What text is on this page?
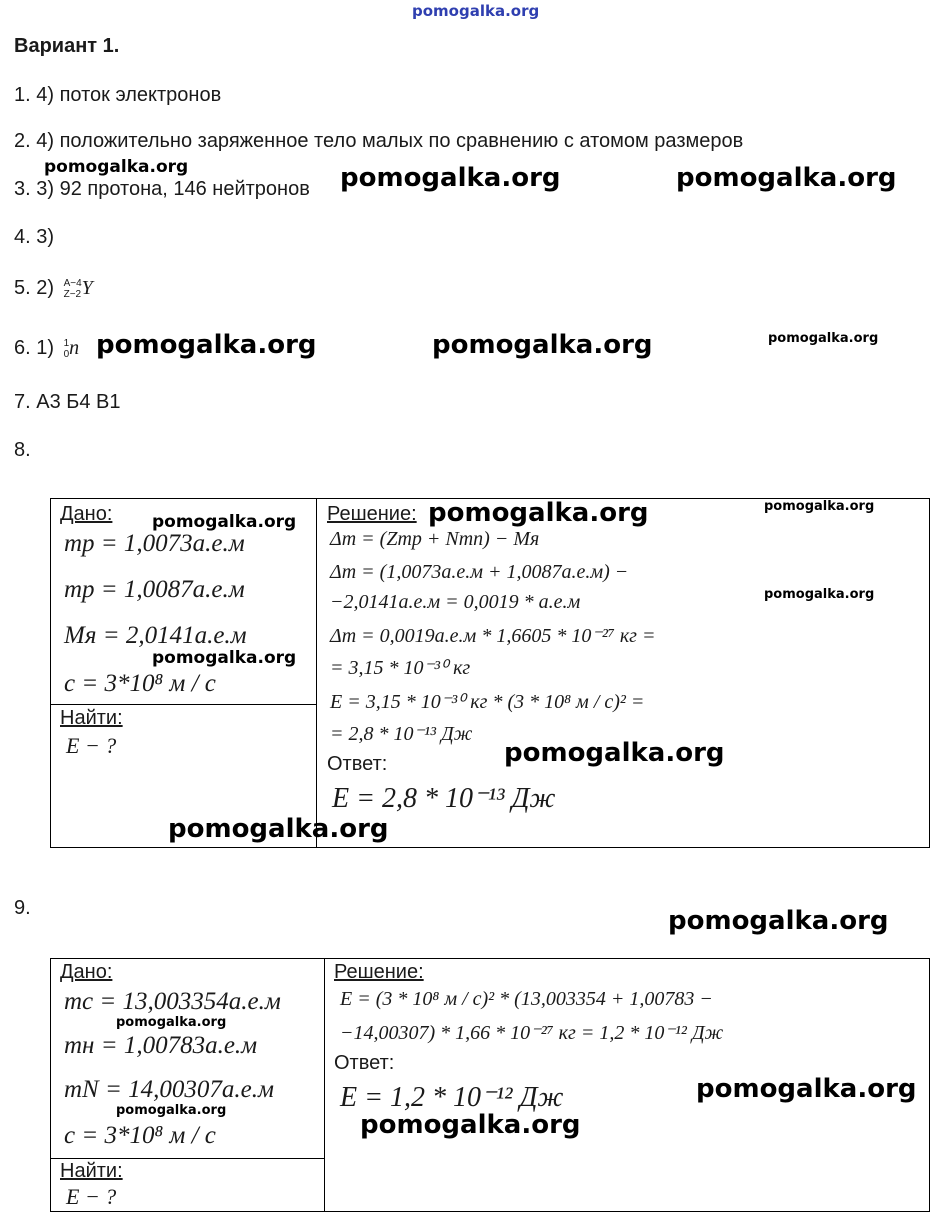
pomogalka.org
Вариант 1.
1. 4) поток электронов
2. 4) положительно заряженное тело малых по сравнению с атомом размеров
3. 3) 92 протона, 146 нейтронов
4. 3)
5. 2) A−4
Z−2 Y
6. 1) 1
0 n
7. А3 Б4 В1
8.
Дано:
mp = 1,0073а.е.м
mp = 1,0087а.е.м
Mя = 2,0141а.е.м
c = 3*10⁸ м / с
Найти:
E − ?
Решение:
Δm = (Zmp + Nmn) − Mя
Δm = (1,0073а.е.м + 1,0087а.е.м) −
−2,0141а.е.м = 0,0019 * а.е.м
Δm = 0,0019а.е.м * 1,6605 * 10⁻²⁷ кг =
= 3,15 * 10⁻³⁰ кг
E = 3,15 * 10⁻³⁰ кг * (3 * 10⁸ м / с)² =
= 2,8 * 10⁻¹³ Дж
Ответ:
E = 2,8 * 10⁻¹³ Дж
9.
Дано:
mc = 13,003354а.е.м
mн = 1,00783а.е.м
mN = 14,00307а.е.м
c = 3*10⁸ м / с
Найти:
E − ?
Решение:
E = (3 * 10⁸ м / с)² * (13,003354 + 1,00783 −
−14,00307) * 1,66 * 10⁻²⁷ кг = 1,2 * 10⁻¹² Дж
Ответ:
E = 1,2 * 10⁻¹² Дж
pomogalka.org	pomogalka.org	pomogalka.org
pomogalka.org	pomogalka.org	pomogalka.org
pomogalka.org	pomogalka.org	pomogalka.org
pomogalka.org
pomogalka.org
pomogalka.org
pomogalka.org
pomogalka.org
pomogalka.org
pomogalka.org
pomogalka.org	pomogalka.org
